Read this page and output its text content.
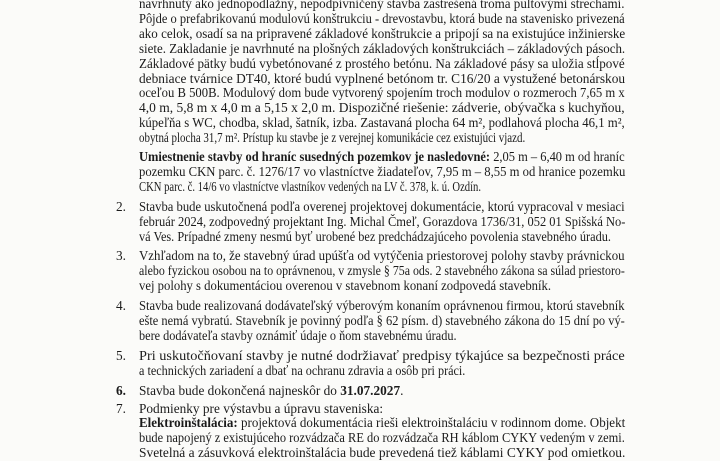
navrhnutý ako jednopodlažný, nepodpivničený stavba zastrešená troma pultovými strechami.
Pôjde o prefabrikovanú modulovú konštrukciu - drevostavbu, ktorá bude na stavenisko privezená
ako celok, osadí sa na pripravené základové konštrukcie a pripojí sa na existujúce inžinierske
siete. Zakladanie je navrhnuté na plošných základových konštrukciách – základových pásoch.
Základové pätky budú vybetónované z prostého betónu. Na základové pásy sa uložia stĺpové
debniace tvárnice DT40, ktoré budú vyplnené betónom tr. C16/20 a vystužené betonárskou
oceľou B 500B. Modulový dom bude vytvorený spojením troch modulov o rozmeroch 7,65 m x
4,0 m, 5,8 m x 4,0 m a 5,15 x 2,0 m. Dispozičné riešenie: zádverie, obývačka s kuchyňou,
kúpeľňa s WC, chodba, sklad, šatník, izba. Zastavaná plocha 64 m², podlahová plocha 46,1 m²,
obytná plocha 31,7 m². Prístup ku stavbe je z verejnej komunikácie cez existujúci vjazd.
Umiestnenie stavby od hraníc susedných pozemkov je nasledovné: 2,05 m – 6,40 m od hraníc
pozemku CKN parc. č. 1276/17 vo vlastníctve žiadateľov, 7,95 m – 8,55 m od hranice pozemku
CKN parc. č. 14/6 vo vlastníctve vlastníkov vedených na LV č. 378, k. ú. Ozdín.
2. Stavba bude uskutočnená podľa overenej projektovej dokumentácie, ktorú vypracoval v mesiaci
február 2024, zodpovedný projektant Ing. Michal Čmeľ, Gorazdova 1736/31, 052 01 Spišská No-
vá Ves. Prípadné zmeny nesmú byť urobené bez predchádzajúceho povolenia stavebného úradu.
3. Vzhľadom na to, že stavebný úrad upúšťa od vytýčenia priestorovej polohy stavby právnickou
alebo fyzickou osobou na to oprávnenou, v zmysle § 75a ods. 2 stavebného zákona sa súlad priestoro-
vej polohy s dokumentáciou overenou v stavebnom konaní zodpovedá stavebník.
4. Stavba bude realizovaná dodávateľský výberovým konaním oprávnenou firmou, ktorú stavebník
ešte nemá vybratú. Stavebník je povinný podľa § 62 písm. d) stavebného zákona do 15 dní po vý-
bere dodávateľa stavby oznámiť údaje o ňom stavebnému úradu.
5. Pri uskutočňovaní stavby je nutné dodržiavať predpisy týkajúce sa bezpečnosti práce
a technických zariadení a dbať na ochranu zdravia a osôb pri práci.
6. Stavba bude dokončená najneskôr do 31.07.2027.
7. Podmienky pre výstavbu a úpravu staveniska:
Elektroinštalácia: projektová dokumentácia rieši elektroinštaláciu v rodinnom dome. Objekt
bude napojený z existujúceho rozvádzača RE do rozvádzača RH káblom CYKY vedeným v zemi.
Svetelná a zásuvková elektroinštalácia bude prevedená tiež káblami CYKY pod omietkou.
